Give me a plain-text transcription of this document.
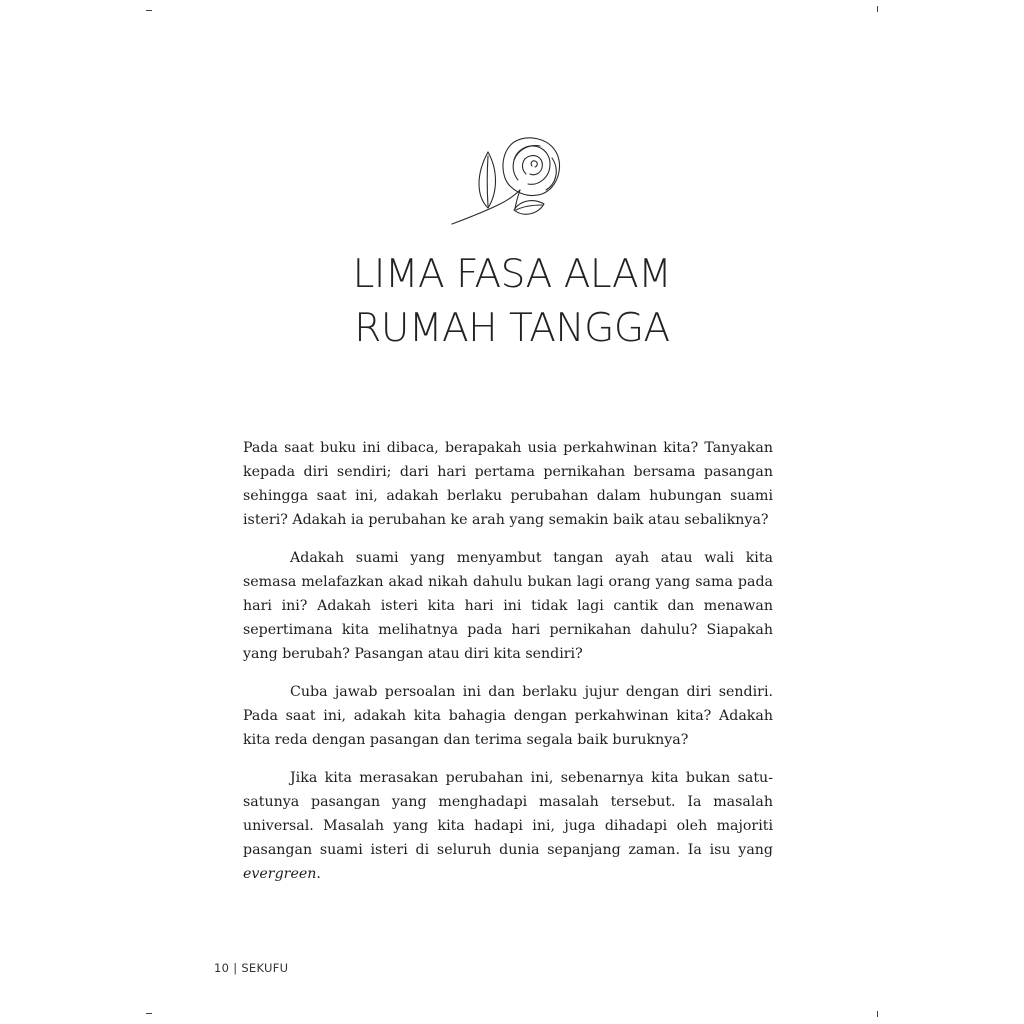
LIMA FASA ALAM
RUMAH TANGGA

Pada saat buku ini dibaca, berapakah usia perkahwinan kita? Tanyakan kepada diri sendiri; dari hari pertama pernikahan bersama pasangan sehingga saat ini, adakah berlaku perubahan dalam hubungan suami isteri? Adakah ia perubahan ke arah yang semakin baik atau sebaliknya?

Adakah suami yang menyambut tangan ayah atau wali kita semasa melafazkan akad nikah dahulu bukan lagi orang yang sama pada hari ini? Adakah isteri kita hari ini tidak lagi cantik dan menawan sepertimana kita melihatnya pada hari pernikahan dahulu? Siapakah yang berubah? Pasangan atau diri kita sendiri?

Cuba jawab persoalan ini dan berlaku jujur dengan diri sendiri. Pada saat ini, adakah kita bahagia dengan perkahwinan kita? Adakah kita reda dengan pasangan dan terima segala baik buruknya?

Jika kita merasakan perubahan ini, sebenarnya kita bukan satu-satunya pasangan yang menghadapi masalah tersebut. Ia masalah universal. Masalah yang kita hadapi ini, juga dihadapi oleh majoriti pasangan suami isteri di seluruh dunia sepanjang zaman. Ia isu yang evergreen.

10 | SEKUFU
